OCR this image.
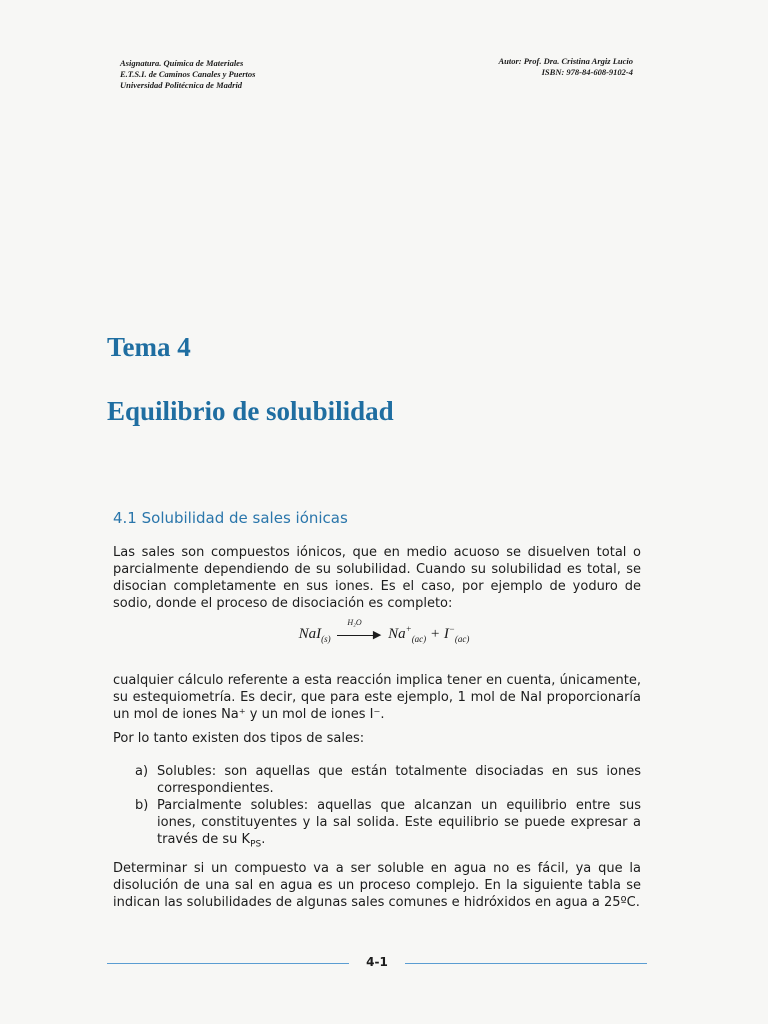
Asignatura. Química de Materiales
E.T.S.I. de Caminos Canales y Puertos
Universidad Politécnica de Madrid
Autor: Prof. Dra. Cristina Argiz Lucio
ISBN: 978-84-608-9102-4
Tema 4
Equilibrio de solubilidad
4.1 Solubilidad de sales iónicas

Las sales son compuestos iónicos, que en medio acuoso se disuelven total o parcialmente dependiendo de su solubilidad. Cuando su solubilidad es total, se disocian completamente en sus iones. Es el caso, por ejemplo de yoduro de sodio, donde el proceso de disociación es completo:

NaI$_{(s)}$
H₂O
▶ $Na^+_{(ac)} + I^-_{(ac)}$

cualquier cálculo referente a esta reacción implica tener en cuenta, únicamente, su estequiometría. Es decir, que para este ejemplo, 1 mol de NaI proporcionaría un mol de iones Na⁺ y un mol de iones I⁻.

Por lo tanto existen dos tipos de sales:

a) Solubles: son aquellas que están totalmente disociadas en sus iones correspondientes.
b) Parcialmente solubles: aquellas que alcanzan un equilibrio entre sus iones, constituyentes y la sal solida. Este equilibrio se puede expresar a través de su $K_{PS}$.

Determinar si un compuesto va a ser soluble en agua no es fácil, ya que la disolución de una sal en agua es un proceso complejo. En la siguiente tabla se indican las solubilidades de algunas sales comunes e hidróxidos en agua a 25ºC.

4-1
